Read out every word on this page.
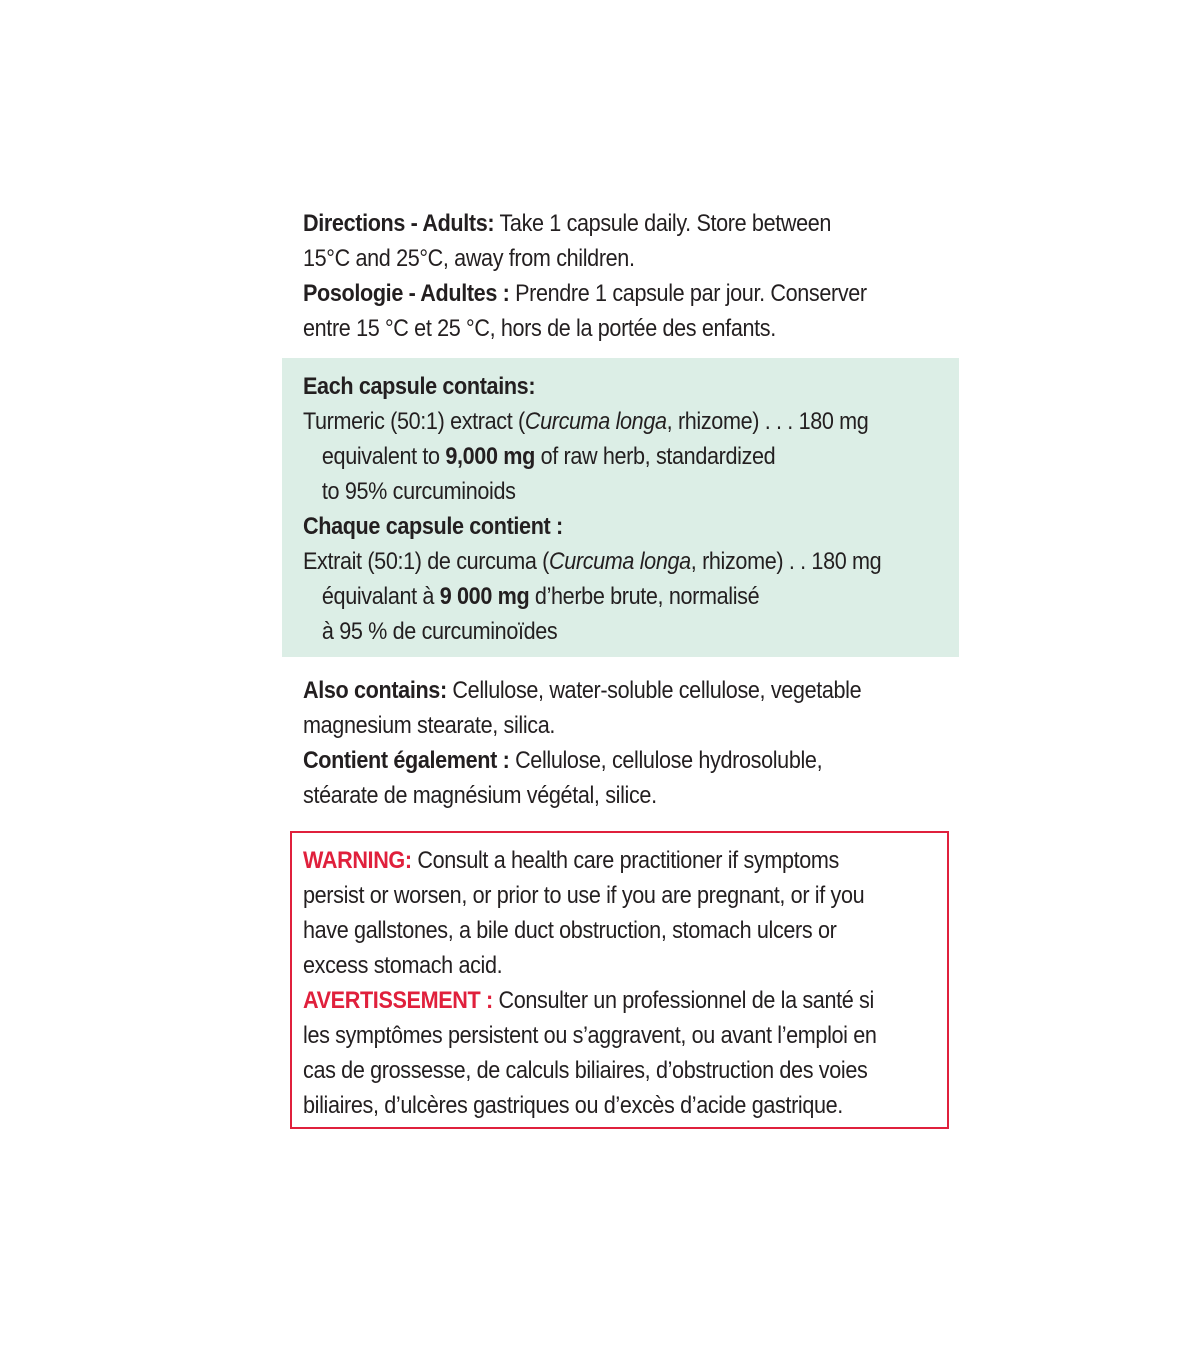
Directions - Adults: Take 1 capsule daily. Store between
15°C and 25°C, away from children.
Posologie - Adultes : Prendre 1 capsule par jour. Conserver
entre 15 °C et 25 °C, hors de la portée des enfants.
Each capsule contains:
Turmeric (50:1) extract (Curcuma longa, rhizome) . . . 180 mg
equivalent to 9,000 mg of raw herb, standardized
to 95% curcuminoids
Chaque capsule contient :
Extrait (50:1) de curcuma (Curcuma longa, rhizome) . . 180 mg
équivalant à 9 000 mg d’herbe brute, normalisé
à 95 % de curcuminoïdes
Also contains: Cellulose, water-soluble cellulose, vegetable
magnesium stearate, silica.
Contient également : Cellulose, cellulose hydrosoluble,
stéarate de magnésium végétal, silice.
WARNING: Consult a health care practitioner if symptoms
persist or worsen, or prior to use if you are pregnant, or if you
have gallstones, a bile duct obstruction, stomach ulcers or
excess stomach acid.
AVERTISSEMENT : Consulter un professionnel de la santé si
les symptômes persistent ou s’aggravent, ou avant l’emploi en
cas de grossesse, de calculs biliaires, d’obstruction des voies
biliaires, d’ulcères gastriques ou d’excès d’acide gastrique.
